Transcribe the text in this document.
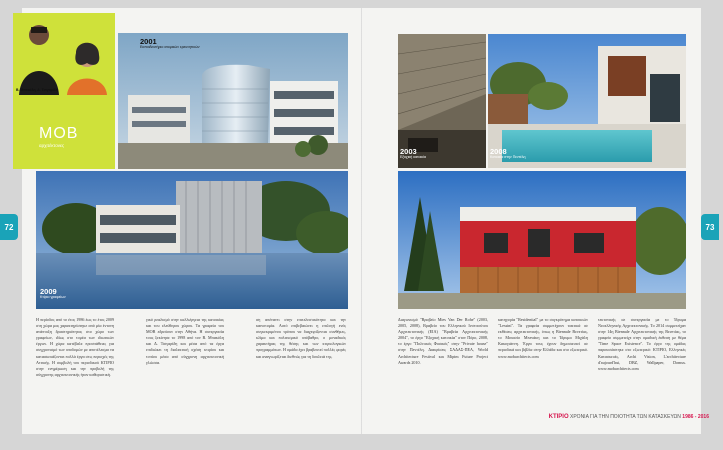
Β. Μπακόλη, Δ. Τσιγαρίδη
ΜΟΒ
αρχιτέκτονες
2001
Εκπαιδευτήριο ατομικών ερευνητικών
2009
Κτίριο γραφείων
Η περίοδος από το έτος 1986 έως το έτος 2009 στη χώρα μας χαρακτηρίστηκε από μία έντονη ανάπτυξη δραστηριότητας στο χώρο των γραφείων, ιδίως στο τομέα των ιδιωτικών έργων. Η χώρα κατέβαλε προσπάθειες για συγχρονισμό των υποδομών με αποτέλεσμα να κατασκευάζονται πολλά έργα στις περιοχές της Αττικής. Η συμβολή του περιοδικού ΚΤΙΡΙΟ στην ενημέρωση και την προβολή της σύγχρονης αρχιτεκτονικής ήταν καθοριστική.
γικό ρεαλισμό στην καλλιέργεια της κατοικίας και του ελεύθερου χώρου. Τα γραφεία του ΜΟΒ εδρεύουν στην Αθήνα. Η συνεργασία τους ξεκίνησε το 1998 από τον Β. Μπακόλη και Δ. Τσιγαρίδη και μέσα από τα έργα επιδιώκει τη διαλεκτική σχέση κτιρίου και τοπίου μέσα από σύγχρονη αρχιτεκτονική γλώσσα.
ση απέναντι στην επιτελεστικότητα και την καινοτομία. Αυτό επιβεβαιώνει η επιλογή ενός συγκεκριμένου τρόπου να διαχειρίζονται συνθήκες, κλίμα και πολιτισμικό υπόβαθρο, ο μοναδικός χαρακτήρας της θέσης και των κτιριολογικών προγραμμάτων. Η ομάδα έχει βραβευτεί πολλές φορές και αναγνωρίζεται διεθνώς για τη δουλειά της.
2003
Εξοχική κατοικία
2008
Κατοικία στην Πεντέλη
Διαγωνισμό "Βραβείο Mies Van Der Rohe" (2003, 2005, 2008), Βραβείο του Ελληνικού Ινστιτούτου Αρχιτεκτονικής (ΕΙΑ) "Βραβεία Αρχιτεκτονικής 2004", το έργο "Εξοχική κατοικία" στον Πόρο, 2008, το έργο "Πολιτικός Φυσικός" στην "Private house" στην Πεντέλη. Διακρίσεις ΣΑΔΑΣ-ΠΕΑ, World Architecture Festival και Mipim Future Project Awards 2010.
κατηγορία "Residential" με το συγκρότημα κατοικιών "Lessini". Τα γραφεία συμμετέχουν τακτικά σε εκθέσεις αρχιτεκτονικής, όπως η Biennale Βενετίας, το Μουσείο Μπενάκη και το Ίδρυμα Μιχάλη Κακογιάννη. Έργα τους έχουν δημοσιευτεί σε περιοδικά και βιβλία στην Ελλάδα και στο εξωτερικό. www.mobarchitects.com
τεκτονικής σε συνεργασία με το Ίδρυμα Νεοελληνικής Αρχιτεκτονικής. Το 2014 συμμετείχαν στην 14η Biennale Αρχιτεκτονικής της Βενετίας, το γραφείο συμμετείχε στην ομαδική έκθεση με θέμα "Time Space Existence". Το έργο της ομάδας παρουσιάστηκε στο εξωτερικό: ΚΤΙΡΙΟ, Ελληνικές Κατασκευές, Archi Vision, L'architecture d'aujourd'hui, DBZ, Wallpaper, Domus. www.mobarchitects.com
72	73
ΚΤΙΡΙΟ ΧΡΟΝΙΑ ΓΙΑ ΤΗΝ ΠΟΙΟΤΗΤΑ ΤΩΝ ΚΑΤΑΣΚΕΥΩΝ 1986 - 2016
